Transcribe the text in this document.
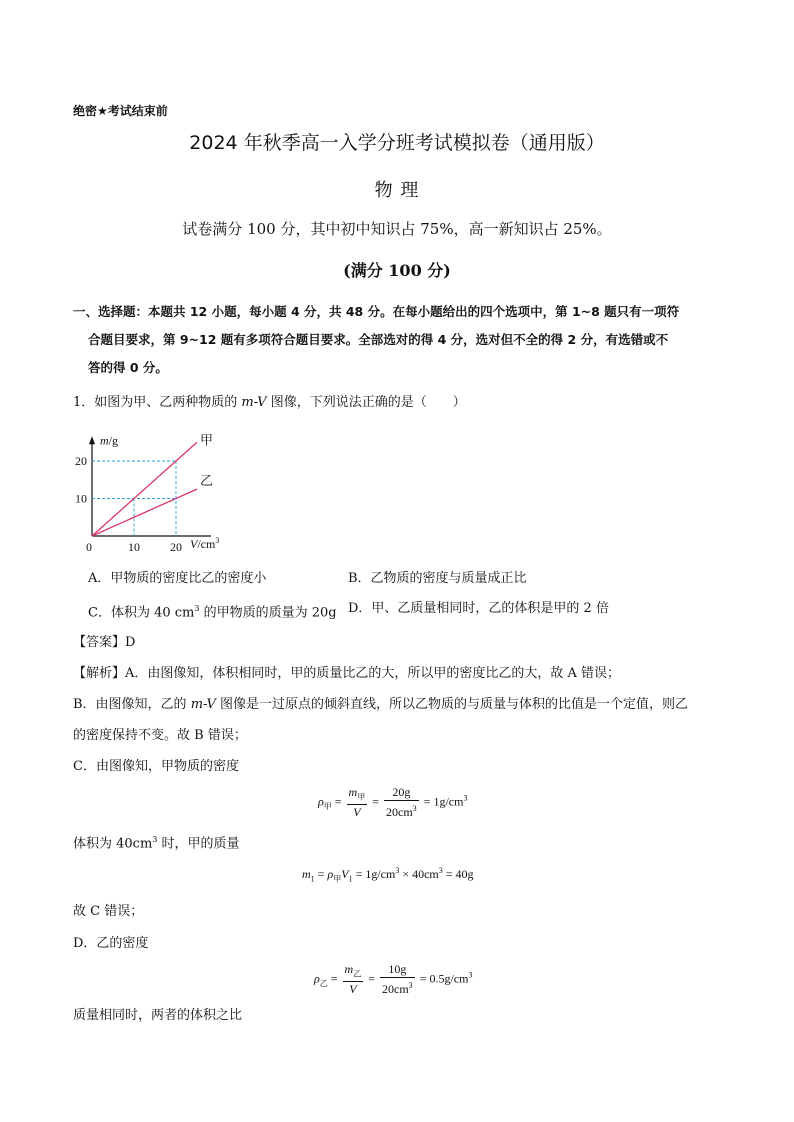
绝密★考试结束前
2024 年秋季高一入学分班考试模拟卷（通用版）
物 理
试卷满分 100 分，其中初中知识占 75%，高一新知识占 25%。
(满分 100 分)
一、选择题：本题共 12 小题，每小题 4 分，共 48 分。在每小题给出的四个选项中，第 1~8 题只有一项符
合题目要求，第 9~12 题有多项符合题目要求。全部选对的得 4 分，选对但不全的得 2 分，有选错或不
答的得 0 分。
1．如图为甲、乙两种物质的 m-V 图像，下列说法正确的是（　　）
甲
乙
10
20
10	20
0
m/g
$V/cm^3$
A．甲物质的密度比乙的密度小	B．乙物质的密度与质量成正比
C．体积为 40 $cm^3$ 的甲物质的质量为 20g D．甲、乙质量相同时，乙的体积是甲的 2 倍
【答案】D
【解析】A．由图像知，体积相同时，甲的质量比乙的大，所以甲的密度比乙的大，故 A 错误；
B．由图像知，乙的 m-V 图像是一过原点的倾斜直线，所以乙物质的与质量与体积的比值是一个定值，则乙
的密度保持不变。故 B 错误；
C．由图像知，甲物质的密度
$\rho_甲 = \frac{m_甲}{V} = \frac{20g}{20cm^3} = 1g/cm^3$
体积为 $40cm^3$ 时，甲的质量
$m_1 = \rho_甲V_1 = 1g/cm^3 \times 40cm^3 = 40g$
故 C 错误；
D．乙的密度
$\rho_乙 = \frac{m_乙}{V} = \frac{10g}{20cm^3} = 0.5g/cm^3$
质量相同时，两者的体积之比
